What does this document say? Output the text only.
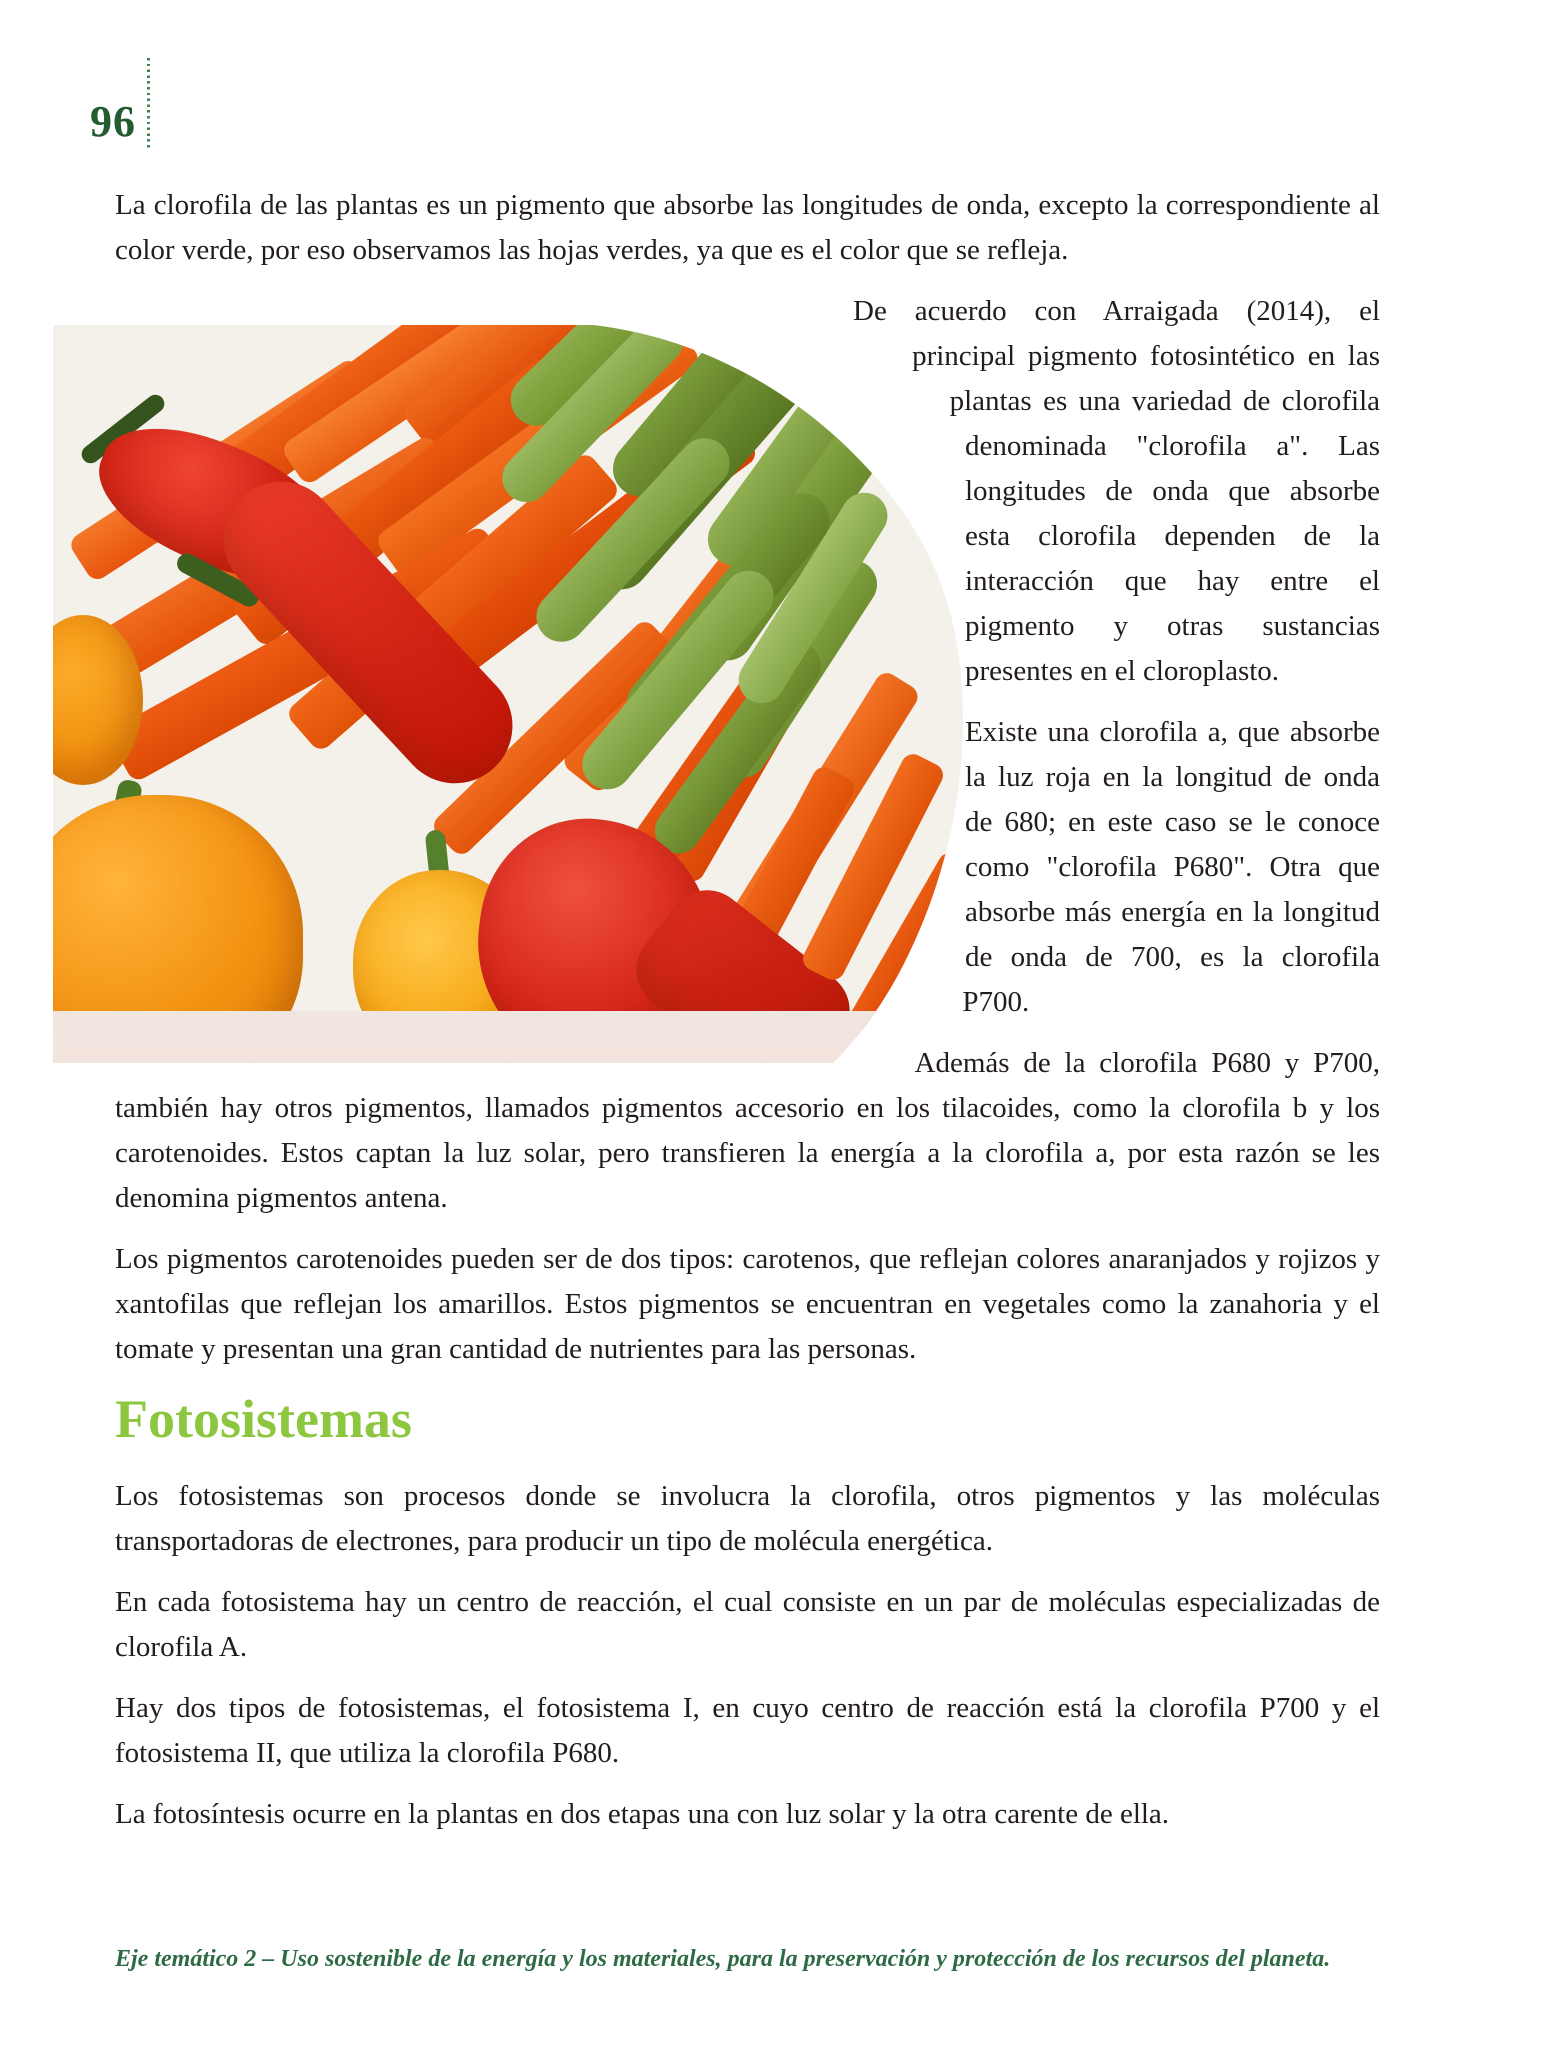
96

La clorofila de las plantas es un pigmento que absorbe las longitudes de onda, excepto la correspondiente al color verde, por eso observamos las hojas verdes, ya que es el color que se refleja.

De acuerdo con Arraigada (2014), el principal pigmento fotosintético en las plantas es una variedad de clorofila denominada "clorofila a". Las longitudes de onda que absorbe esta clorofila dependen de la interacción que hay entre el pigmento y otras sustancias presentes en el cloroplasto.

Existe una clorofila a, que absorbe la luz roja en la longitud de onda de 680; en este caso se le conoce como "clorofila P680". Otra que absorbe más energía en la longitud de onda de 700, es la clorofila P700.

Además de la clorofila P680 y P700, también hay otros pigmentos, llamados pigmentos accesorio en los tilacoides, como la clorofila b y los carotenoides. Estos captan la luz solar, pero transfieren la energía a la clorofila a, por esta razón se les denomina pigmentos antena.

Los pigmentos carotenoides pueden ser de dos tipos: carotenos, que reflejan colores anaranjados y rojizos y xantofilas que reflejan los amarillos. Estos pigmentos se encuentran en vegetales como la zanahoria y el tomate y presentan una gran cantidad de nutrientes para las personas.

Fotosistemas

Los fotosistemas son procesos donde se involucra la clorofila, otros pigmentos y las moléculas transportadoras de electrones, para producir un tipo de molécula energética.

En cada fotosistema hay un centro de reacción, el cual consiste en un par de moléculas especializadas de clorofila A.

Hay dos tipos de fotosistemas, el fotosistema I, en cuyo centro de reacción está la clorofila P700 y el fotosistema II, que utiliza la clorofila P680.

La fotosíntesis ocurre en la plantas en dos etapas una con luz solar y la otra carente de ella.

Eje temático 2 – Uso sostenible de la energía y los materiales, para la preservación y protección de los recursos del planeta.
